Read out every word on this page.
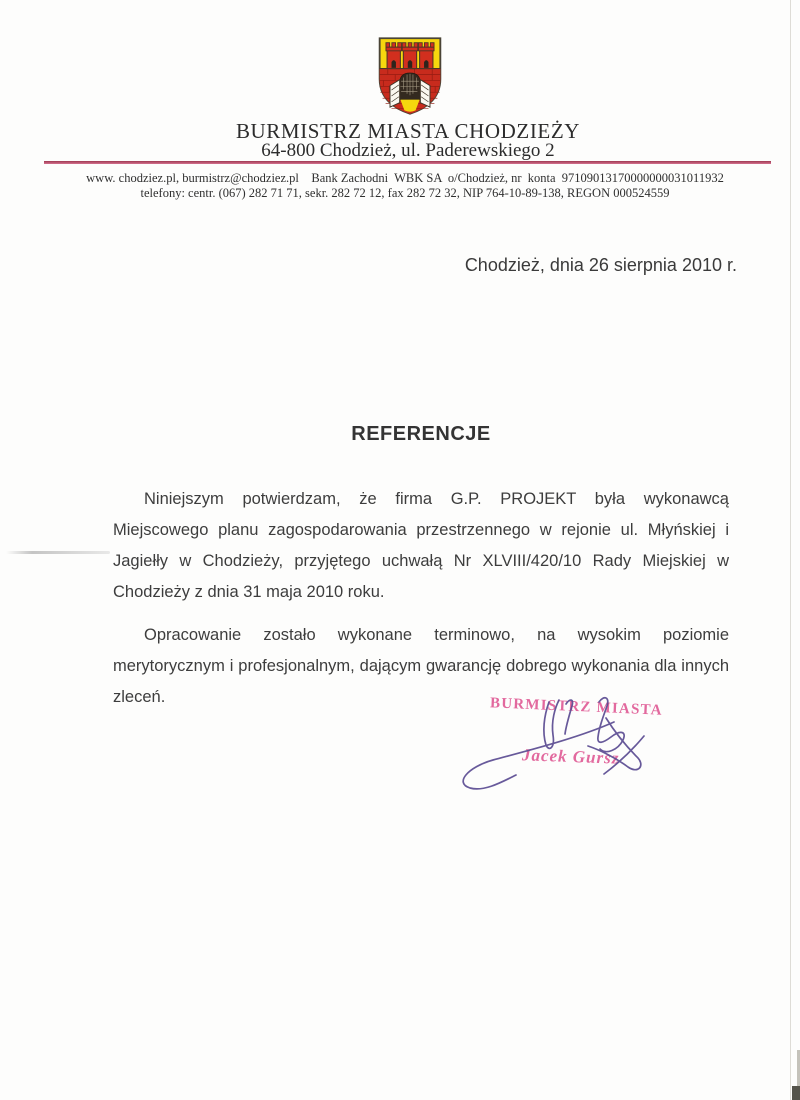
BURMISTRZ MIASTA CHODZIEŻY
64-800 Chodzież, ul. Paderewskiego 2
www. chodziez.pl, burmistrz@chodziez.pl    Bank Zachodni  WBK SA  o/Chodzież, nr  konta  97109013170000000031011932
telefony: centr. (067) 282 71 71, sekr. 282 72 12, fax 282 72 32, NIP 764-10-89-138, REGON 000524559
Chodzież, dnia 26 sierpnia 2010 r.
REFERENCJE

Niniejszym potwierdzam, że firma G.P. PROJEKT była wykonawcą Miejscowego planu zagospodarowania przestrzennego w rejonie ul. Młyńskiej i Jagiełły w Chodzieży, przyjętego uchwałą Nr XLVIII/420/10 Rady Miejskiej w Chodzieży z dnia 31 maja 2010 roku.

Opracowanie zostało wykonane terminowo, na wysokim poziomie merytorycznym i profesjonalnym, dającym gwarancję dobrego wykonania dla innych zleceń.	BURMISTRZ MIASTA
Jacek Gursz
